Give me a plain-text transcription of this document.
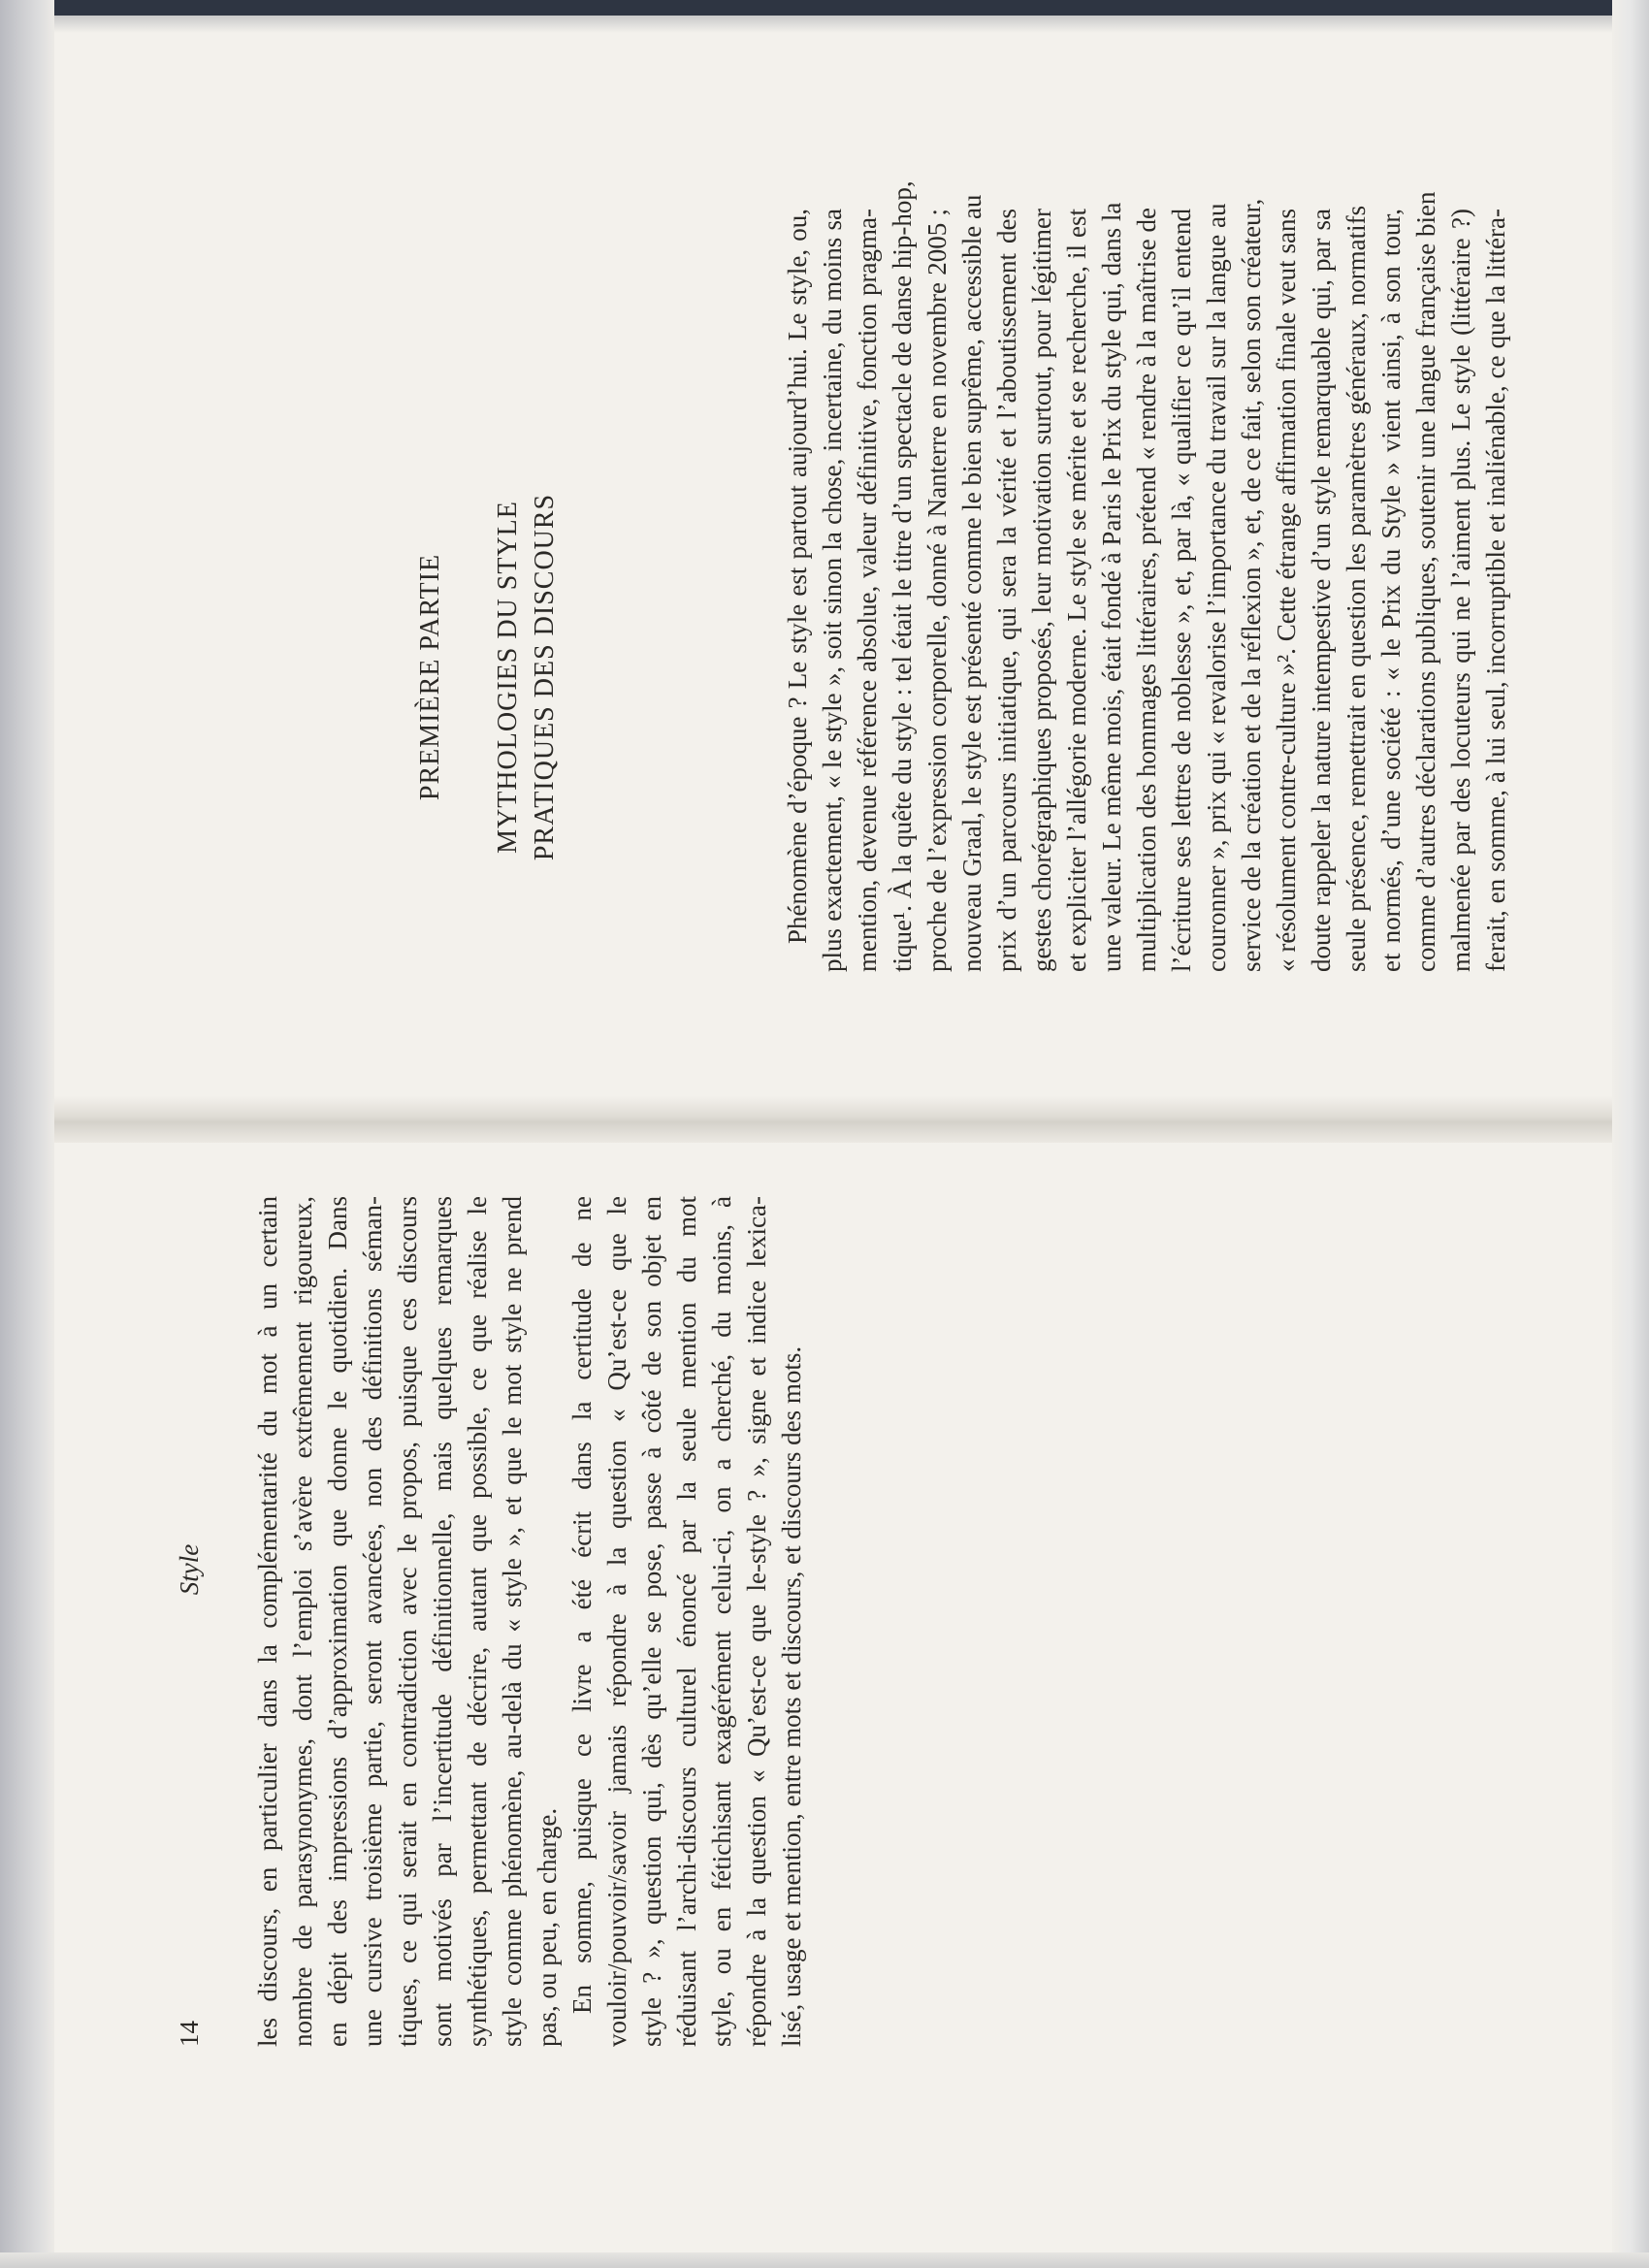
14
Style les discours, en particulier dans la complémentarité du mot à un certain nombre de parasynonymes, dont l’emploi s’avère extrêmement rigoureux, en dépit des impressions d’approximation que donne le quotidien. Dans une cursive troisième partie, seront avancées, non des définitions séman- tiques, ce qui serait en contradiction avec le propos, puisque ces discours sont motivés par l’incertitude définitionnelle, mais quelques remarques synthétiques, permettant de décrire, autant que possible, ce que réalise le style comme phénomène, au-delà du « style », et que le mot style ne prend pas, ou peu, en charge. En somme, puisque ce livre a été écrit dans la certitude de ne vouloir/pouvoir/savoir jamais répondre à la question « Qu’est-ce que le style ? », question qui, dès qu’elle se pose, passe à côté de son objet en réduisant l’archi-discours culturel énoncé par la seule mention du mot style, ou en fétichisant exagérément celui-ci, on a cherché, du moins, à répondre à la question « Qu’est-ce que le-style ? », signe et indice lexica- lisé, usage et mention, entre mots et discours, et discours des mots.
PREMIÈRE PARTIE MYTHOLOGIES DU STYLE PRATIQUES DES DISCOURS	Phénomène d’époque ? Le style est partout aujourd’hui. Le style, ou, plus exactement, « le style », soit sinon la chose, incertaine, du moins sa mention, devenue référence absolue, valeur définitive, fonction pragma- tique¹. À la quête du style : tel était le titre d’un spectacle de danse hip-hop, proche de l’expression corporelle, donné à Nanterre en novembre 2005 ; nouveau Graal, le style est présenté comme le bien suprême, accessible au prix d’un parcours initiatique, qui sera la vérité et l’aboutissement des gestes chorégraphiques proposés, leur motivation surtout, pour légitimer et expliciter l’allégorie moderne. Le style se mérite et se recherche, il est une valeur. Le même mois, était fondé à Paris le Prix du style qui, dans la multiplication des hommages littéraires, prétend « rendre à la maîtrise de l’écriture ses lettres de noblesse », et, par là, « qualifier ce qu’il entend couronner », prix qui « revalorise l’importance du travail sur la langue au service de la création et de la réflexion », et, de ce fait, selon son créateur, « résolument contre-culture »². Cette étrange affirmation finale veut sans doute rappeler la nature intempestive d’un style remarquable qui, par sa seule présence, remettrait en question les paramètres généraux, normatifs et normés, d’une société : « le Prix du Style » vient ainsi, à son tour, comme d’autres déclarations publiques, soutenir une langue française bien malmenée par des locuteurs qui ne l’aiment plus. Le style (littéraire ?) ferait, en somme, à lui seul, incorruptible et inaliénable, ce que la littéra-
